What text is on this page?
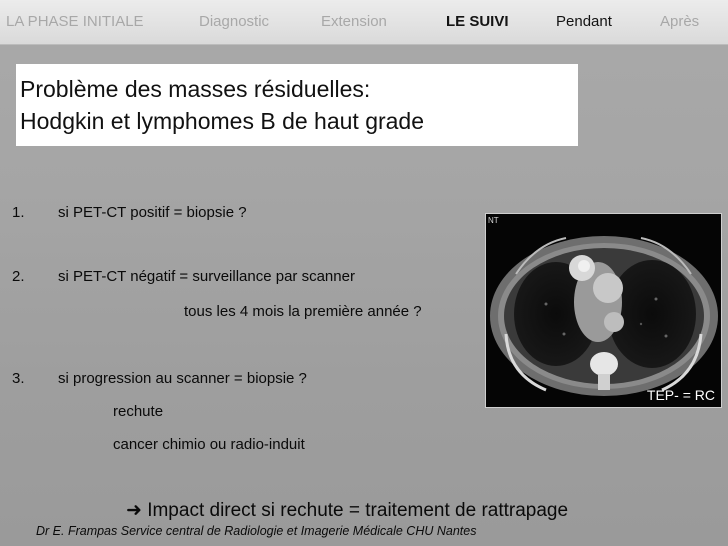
LA PHASE INITIALE	Diagnostic	Extension	LE SUIVI	Pendant	Après
Problème des masses résiduelles:
Hodgkin et lymphomes B de haut grade
1. si PET-CT positif = biopsie ?
2. si PET-CT négatif = surveillance par scanner
tous les 4 mois la première année ?
3. si progression au scanner = biopsie ?
rechute
cancer chimio ou radio-induit
NT
TEP- = RC
➜ Impact direct si rechute = traitement de rattrapage
Dr E. Frampas Service central de Radiologie et Imagerie Médicale CHU Nantes
